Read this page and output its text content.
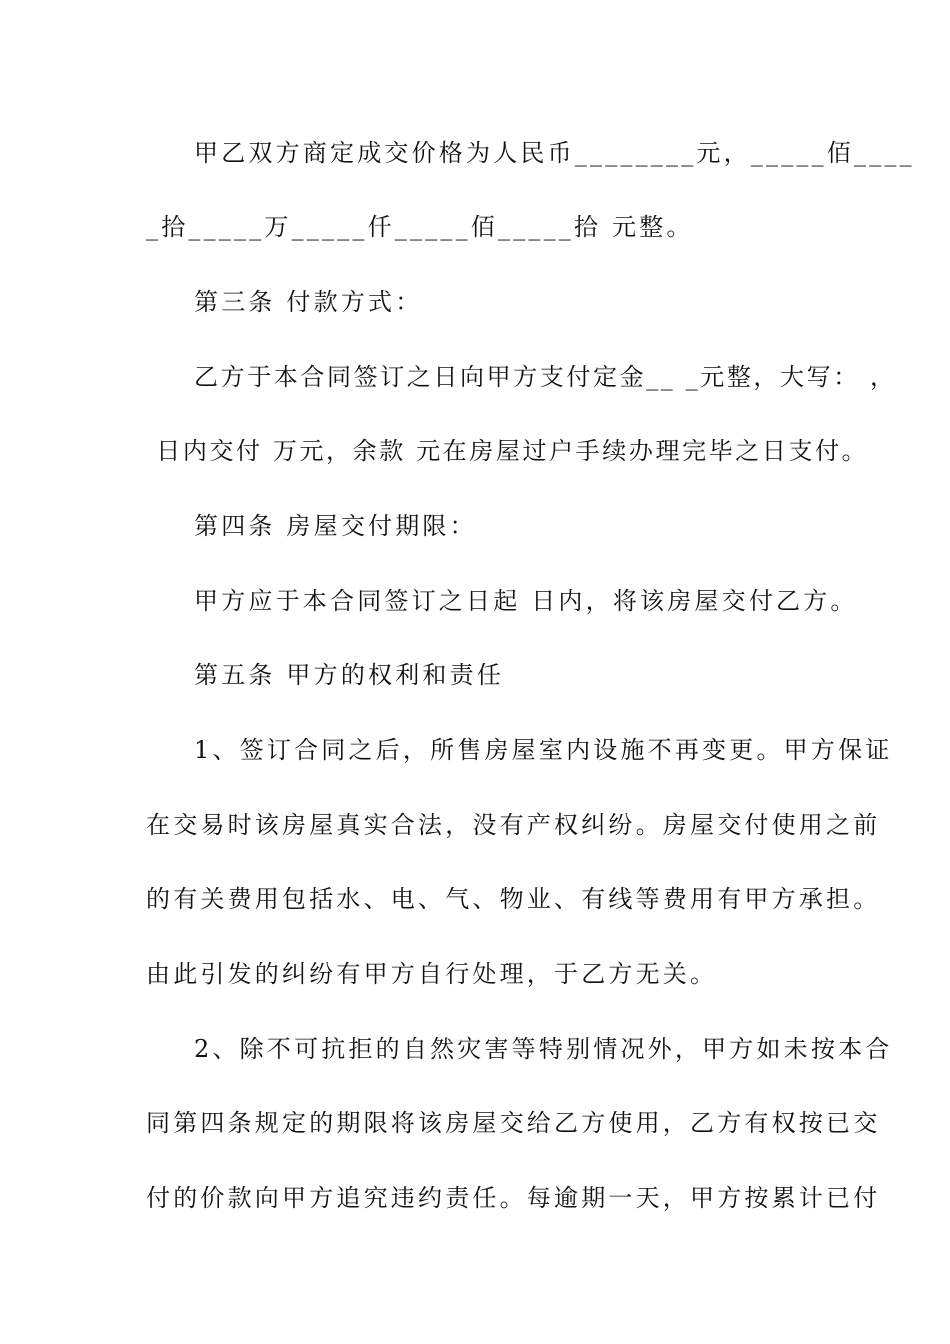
甲乙双方商定成交价格为人民币________元，_____佰____
_拾_____万_____仟_____佰_____拾 元整。
第三条 付款方式：
乙方于本合同签订之日向甲方支付定金__ _元整，大写： ，
日内交付 万元，余款 元在房屋过户手续办理完毕之日支付。
第四条 房屋交付期限：
甲方应于本合同签订之日起 日内，将该房屋交付乙方。
第五条 甲方的权利和责任
1、签订合同之后，所售房屋室内设施不再变更。甲方保证
在交易时该房屋真实合法，没有产权纠纷。房屋交付使用之前
的有关费用包括水、电、气、物业、有线等费用有甲方承担。
由此引发的纠纷有甲方自行处理，于乙方无关。
2、除不可抗拒的自然灾害等特别情况外，甲方如未按本合
同第四条规定的期限将该房屋交给乙方使用，乙方有权按已交
付的价款向甲方追究违约责任。每逾期一天，甲方按累计已付
